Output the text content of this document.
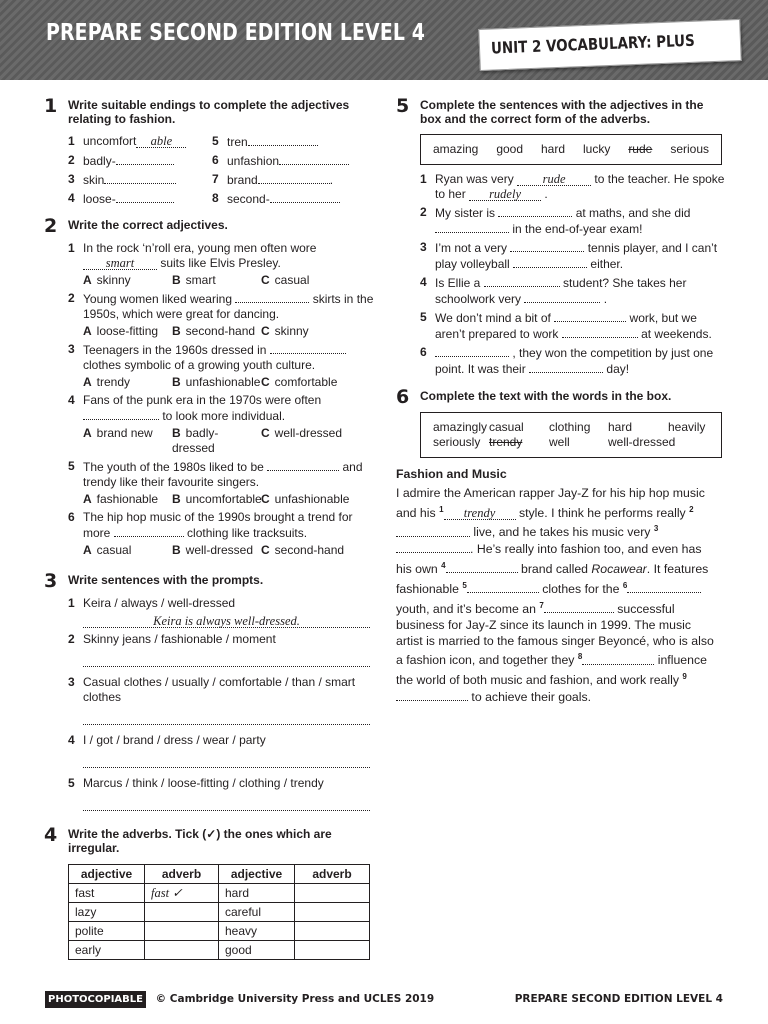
PREPARE SECOND EDITION LEVEL 4	UNIT 2 VOCABULARY: PLUS
1 Write suitable endings to complete the adjectives relating to fashion.
1 uncomfort able	5 tren
2 badly-	6 unfashion
3 skin	7 brand	.
4 loose-	8 second-
2 Write the correct adjectives.
1 In the rock ‘n’roll era, young men often wore smart suits like Elvis Presley.
A skinny	B smart	C casual
2 Young women liked wearing	skirts in the 1950s, which were great for dancing.
A loose-fitting	B second-hand C skinny
3 Teenagers in the 1960s dressed in  clothes symbolic of a growing youth culture.
A trendy	B unfashionable C comfortable
4 Fans of the punk era in the 1970s were often  to look more individual.
A brand new	B badly-dressed
C well-dressed
5 The youth of the 1980s liked to be	and trendy like their favourite singers.
A fashionable	B uncomfortable C unfashionable
6 The hip hop music of the 1990s brought a trend for more	clothing like tracksuits.
A casual	B well-dressed C second-hand
3 Write sentences with the prompts.
1 Keira / always / well-dressed
Keira is always well-dressed.
2 Skinny jeans / fashionable / moment
3 Casual clothes / usually / comfortable / than / smart clothes
4 I / got / brand / dress / wear / party
5 Marcus / think / loose-fitting / clothing / trendy
4 Write the adverbs. Tick (✓) the ones which are irregular.
adjective	adverb	adjective	adverb
fast	fast ✓	hard	
lazy		careful	
polite		heavy	
early		good	
5 Complete the sentences with the adjectives in the box and the correct form of the adverbs.
amazing good hard lucky rude serious
1 Ryan was very rude to the teacher. He spoke to her rudely .
2 My sister is	at maths, and she did  in the end-of-year exam!
3 I’m not a very	tennis player, and I can’t play volleyball	either.
4 Is Ellie a	student? She takes her schoolwork very	.
5 We don’t mind a bit of	work, but we aren’t prepared to work	at weekends.
6	, they won the competition by just one point. It was their	day!
6 Complete the text with the words in the box.
amazingly casual	clothing	hard	heavily
seriously trendy	well	well-dressed
Fashion and Music
I admire the American rapper Jay-Z for his hip hop music and his $^1$ trendy style. I think he performs really $^2$ live, and he takes his music very $^3$. He’s really into fashion too, and even has his own $^4$	brand called Rocawear. It features fashionable $^5$	clothes for the $^6$ youth, and it’s become an $^7$	successful business for Jay-Z since its launch in 1999. The music artist is married to the famous singer Beyoncé, who is also a fashion icon, and together they $^8$	influence the world of both music and fashion, and work really $^9$ to achieve their goals.
PHOTOCOPIABLE © Cambridge University Press and UCLES 2019	PREPARE SECOND EDITION LEVEL 4
